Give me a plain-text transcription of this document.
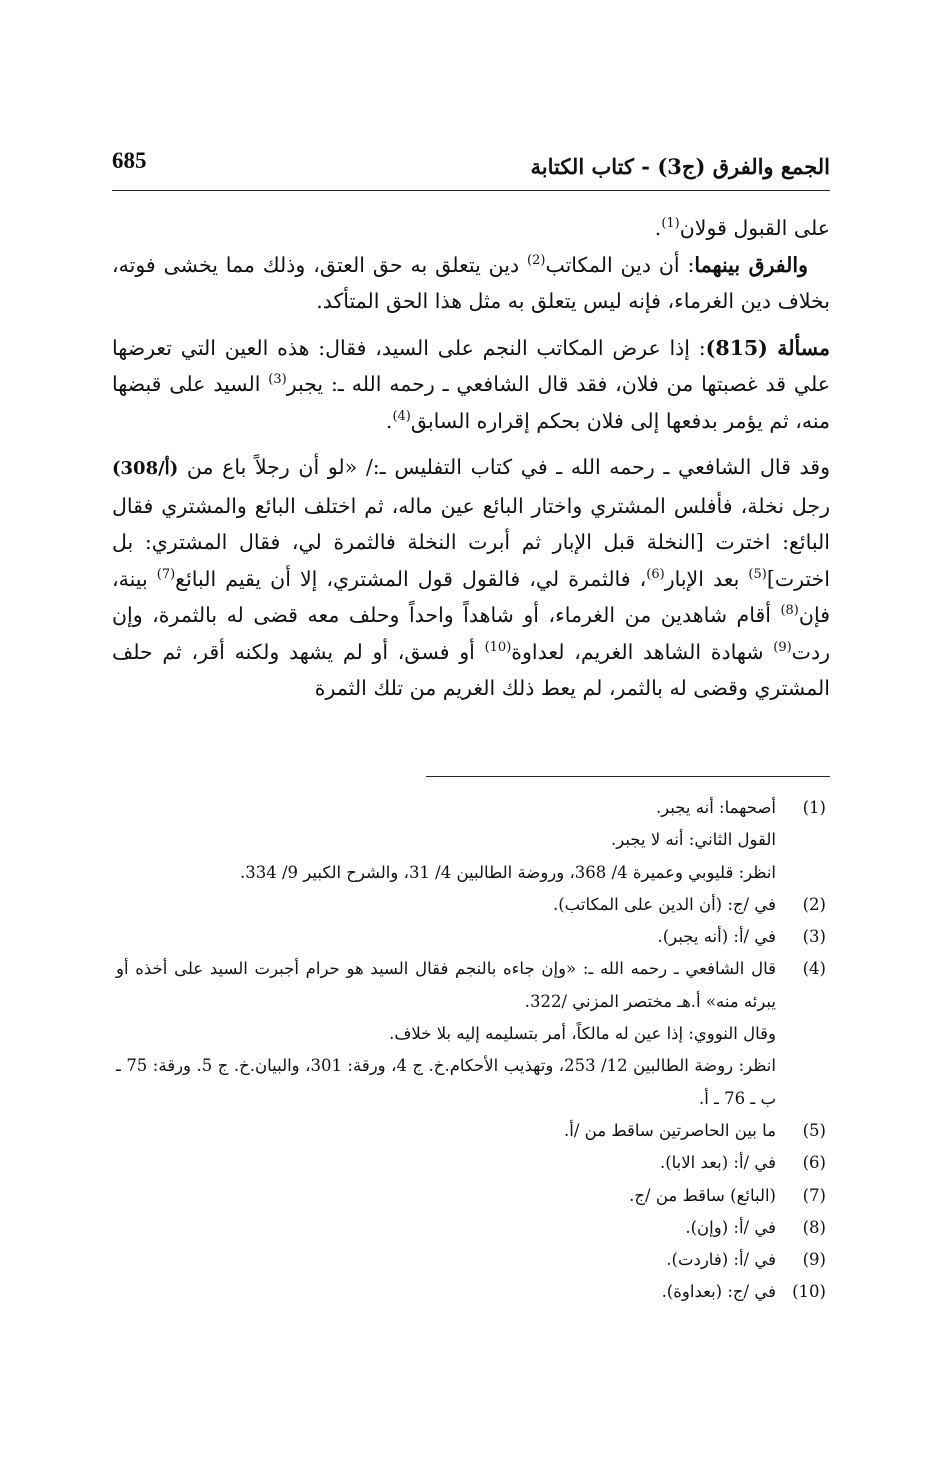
الجمع والفرق (ج3) - كتاب الكتابة
685

على القبول قولان$^{(1)}$.

والفرق بينهما: أن دين المكاتب$^{(2)}$ دين يتعلق به حق العتق، وذلك مما يخشى فوته، بخلاف دين الغرماء، فإنه ليس يتعلق به مثل هذا الحق المتأكد.

مسألة (815): إذا عرض المكاتب النجم على السيد، فقال: هذه العين التي تعرضها علي قد غصبتها من فلان، فقد قال الشافعي ـ رحمه الله ـ: يجبر$^{(3)}$ السيد على قبضها منه، ثم يؤمر بدفعها إلى فلان بحكم إقراره السابق$^{(4)}$.

وقد قال الشافعي ـ رحمه الله ـ في كتاب التفليس ـ:/ «لو أن رجلاً باع من (308/أ) رجل نخلة، فأفلس المشتري واختار البائع عين ماله، ثم اختلف البائع والمشتري فقال البائع: اخترت [النخلة قبل الإبار ثم أبرت النخلة فالثمرة لي، فقال المشتري: بل اخترت]$^{(5)}$ بعد الإبار$^{(6)}$، فالثمرة لي، فالقول قول المشتري، إلا أن يقيم البائع$^{(7)}$ بينة، فإن$^{(8)}$ أقام شاهدين من الغرماء، أو شاهداً واحداً وحلف معه قضى له بالثمرة، وإن ردت$^{(9)}$ شهادة الشاهد الغريم، لعداوة$^{(10)}$ أو فسق، أو لم يشهد ولكنه أقر، ثم حلف المشتري وقضى له بالثمر، لم يعط ذلك الغريم من تلك الثمرة

(1)
أصحهما: أنه يجبر.
القول الثاني: أنه لا يجبر.
انظر: قليوبي وعميرة 4/ 368، وروضة الطالبين 4/ 31، والشرح الكبير 9/ 334.
(2)
في /ج: (أن الدين على المكاتب).
(3)
في /أ: (أنه يجبر).
(4)
قال الشافعي ـ رحمه الله ـ: «وإن جاءه بالنجم فقال السيد هو حرام أجبرت السيد على أخذه أو يبرئه منه» أ.هـ مختصر المزني /322.
وقال النووي: إذا عين له مالكاً، أمر بتسليمه إليه بلا خلاف.
انظر: روضة الطالبين 12/ 253، وتهذيب الأحكام.خ. ج 4، ورقة: 301، والبيان.خ. ج 5. ورقة: 75 ـ ب ـ 76 ـ أ.
(5)
ما بين الحاصرتين ساقط من /أ.
(6)
في /أ: (بعد الابا).
(7)
(البائع) ساقط من /ج.
(8)
في /أ: (وإن).
(9)
في /أ: (فاردت).
(10)
في /ج: (بعداوة).
